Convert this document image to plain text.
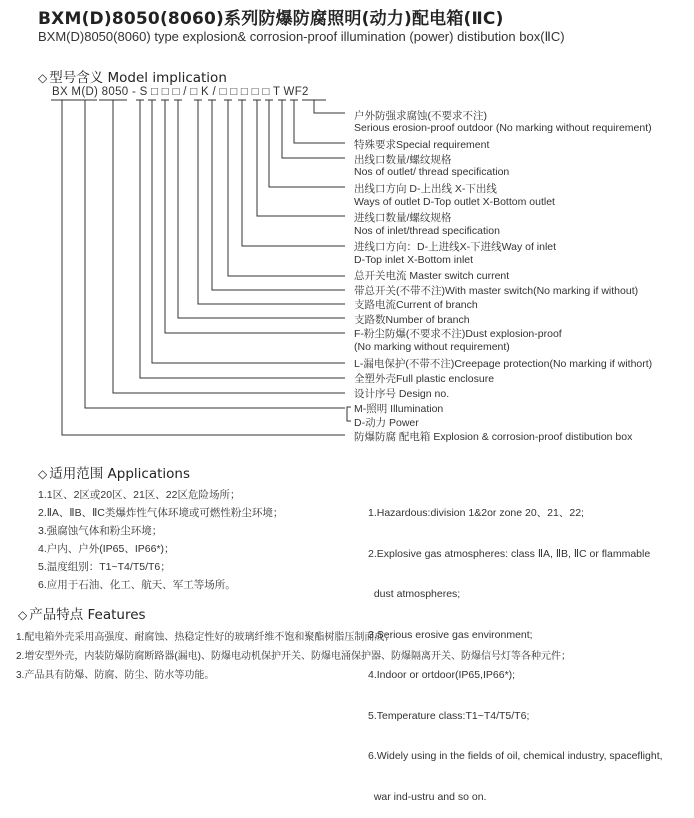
BXM(D)8050(8060)系列防爆防腐照明(动力)配电箱(ⅡC)
BXM(D)8050(8060) type explosion& corrosion-proof illumination (power) distibution box(ⅡC)
◇ 型号含义 Model implication
BX M(D) 8050 - S □ □ □ / □ K / □ □ □ □ □ T WF2
户外防强求腐蚀(不要求不注)
Serious erosion-proof outdoor (No marking without requirement)
特殊要求Special requirement
出线口数量/螺纹规格
Nos of outlet/ thread specification
出线口方向 D-上出线 X-下出线
Ways of outlet D-Top outlet X-Bottom outlet
进线口数量/螺纹规格
Nos of inlet/thread specification
进线口方向：D-上进线X-下进线Way of inlet
D-Top inlet X-Bottom inlet
总开关电流 Master switch current
带总开关(不带不注)With master switch(No marking if without)
支路电流Current of branch
支路数Number of branch
F-粉尘防爆(不要求不注)Dust explosion-proof
(No marking without requirement)
L-漏电保护(不带不注)Creepage protection(No marking if withort)
全塑外壳Full plastic enclosure
设计序号 Design no.
M-照明 Illumination
D-动力 Power
防爆防腐 配电箱 Explosion & corrosion-proof distibution box
◇ 适用范围 Applications
1.1区、2区或20区、21区、22区危险场所；
2.ⅡA、ⅡB、ⅡC类爆炸性气体环境或可燃性粉尘环境；
3.强腐蚀气体和粉尘环境；
4.户内、户外(IP65、IP66*)；
5.温度组别：T1~T4/T5/T6；
6.应用于石油、化工、航天、军工等场所。

1.Hazardous:division 1&2or zone 20、21、22;

2.Explosive gas atmospheres: class ⅡA, ⅡB, ⅡC or flammable

dust atmospheres;

3.Serious erosive gas environment;

4.Indoor or ortdoor(IP65,IP66*);

5.Temperature class:T1~T4/T5/T6;

6.Widely using in the fields of oil, chemical industry, spaceflight,

war ind-ustru and so on.

◇ 产品特点 Features
1.配电箱外壳采用高强度、耐腐蚀、热稳定性好的玻璃纤维不饱和聚酯树脂压制而成；
2.增安型外壳，内装防爆防腐断路器(漏电)、防爆电动机保护开关、防爆电涌保护器、防爆隔离开关、防爆信号灯等各种元件；
3.产品具有防爆、防腐、防尘、防水等功能。
